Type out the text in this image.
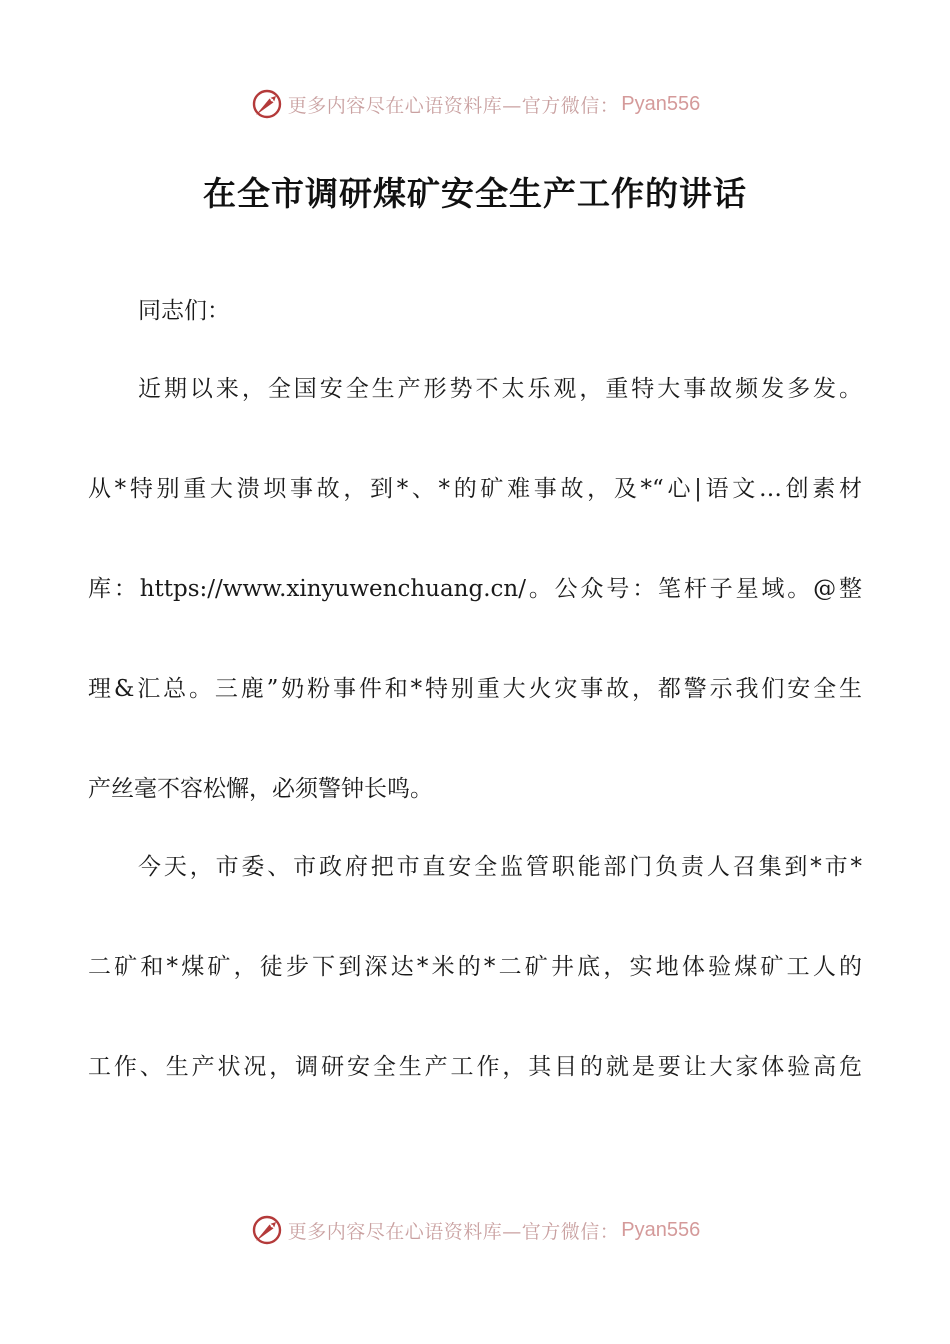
更多内容尽在心语资料库—官方微信： Pyan556
在全市调研煤矿安全生产工作的讲话
同志们：
近期以来，全国安全生产形势不太乐观，重特大事故频发多发。
从*特别重大溃坝事故，到*、*的矿难事故，及*“心|语文…创素材
库：https://www.xinyuwenchuang.cn/。公众号：笔杆子星域。@整
理&汇总。三鹿”奶粉事件和*特别重大火灾事故，都警示我们安全生
产丝毫不容松懈，必须警钟长鸣。
今天，市委、市政府把市直安全监管职能部门负责人召集到*市*
二矿和*煤矿，徒步下到深达*米的*二矿井底，实地体验煤矿工人的
工作、生产状况，调研安全生产工作，其目的就是要让大家体验高危
更多内容尽在心语资料库—官方微信： Pyan556
